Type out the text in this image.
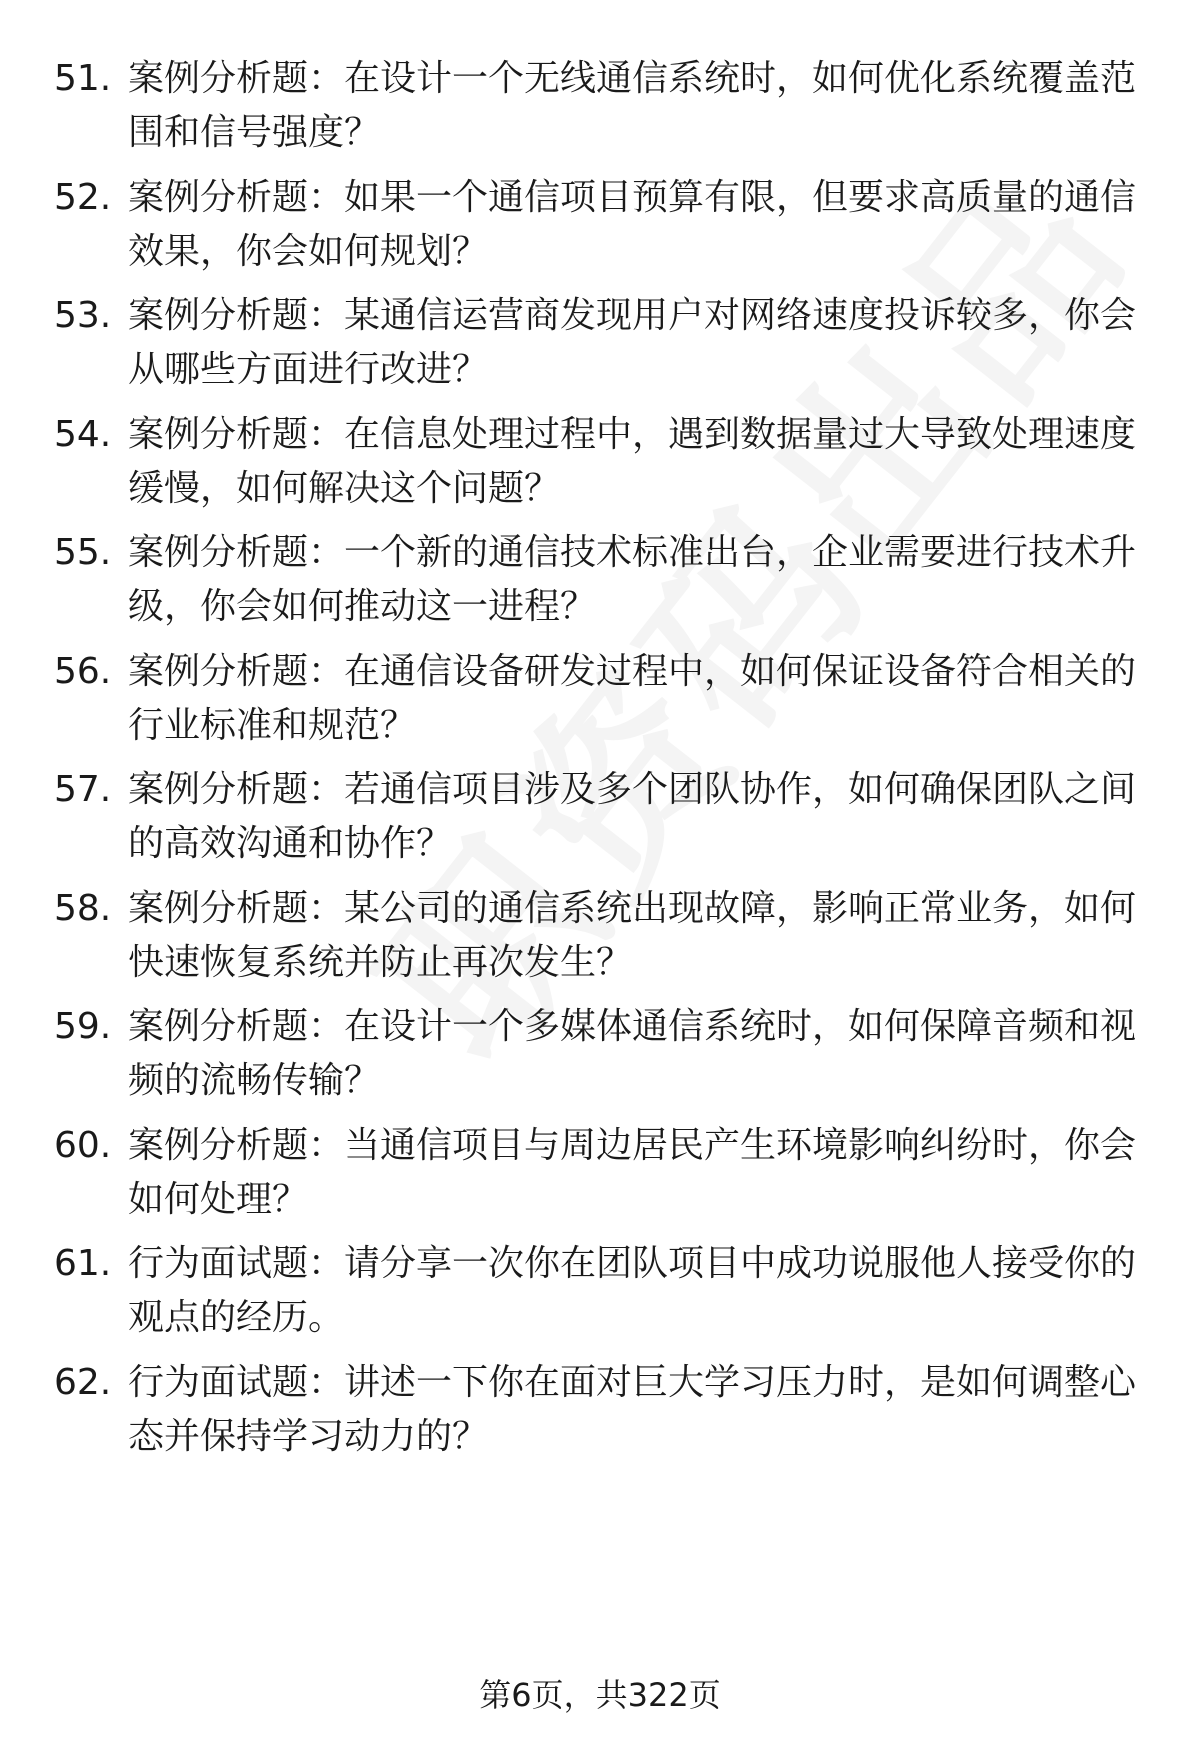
51. 案例分析题：在设计一个无线通信系统时，如何优化系统覆盖范围和信号强度？
52. 案例分析题：如果一个通信项目预算有限，但要求高质量的通信效果，你会如何规划？
53. 案例分析题：某通信运营商发现用户对网络速度投诉较多，你会从哪些方面进行改进？
54. 案例分析题：在信息处理过程中，遇到数据量过大导致处理速度缓慢，如何解决这个问题？
55. 案例分析题：一个新的通信技术标准出台，企业需要进行技术升级，你会如何推动这一进程？
56. 案例分析题：在通信设备研发过程中，如何保证设备符合相关的行业标准和规范？
57. 案例分析题：若通信项目涉及多个团队协作，如何确保团队之间的高效沟通和协作？
58. 案例分析题：某公司的通信系统出现故障，影响正常业务，如何快速恢复系统并防止再次发生？
59. 案例分析题：在设计一个多媒体通信系统时，如何保障音频和视频的流畅传输？
60. 案例分析题：当通信项目与周边居民产生环境影响纠纷时，你会如何处理？
61. 行为面试题：请分享一次你在团队项目中成功说服他人接受你的观点的经历。
62. 行为面试题：讲述一下你在面对巨大学习压力时，是如何调整心态并保持学习动力的？
第6页，共322页
